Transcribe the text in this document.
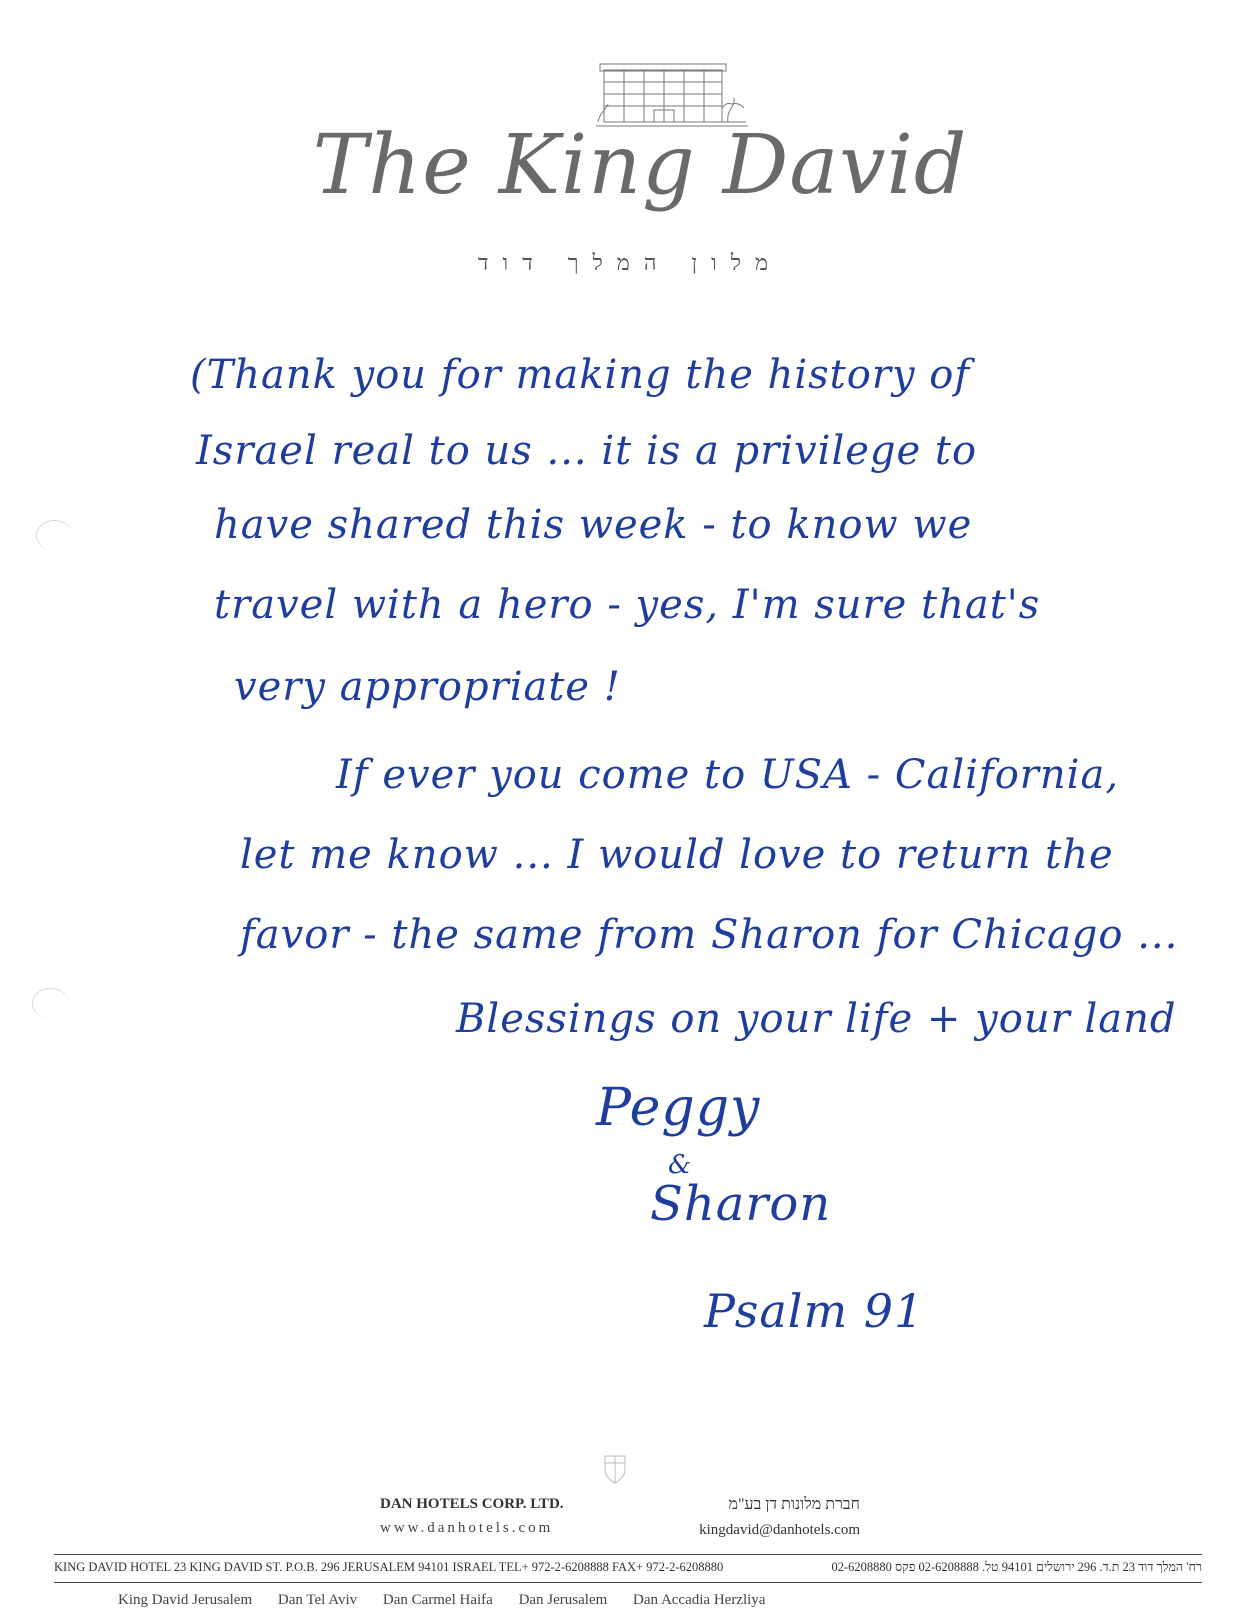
The King David
מלון המלך דוד
(Thank you for making the history of
Israel real to us ... it is a privilege to
have shared this week - to know we
travel with a hero - yes, I'm sure that's
very appropriate !
If ever you come to USA - California,
let me know ... I would love to return the
favor - the same from Sharon for Chicago ...
Blessings on your life + your land
Peggy
&
Sharon
Psalm 91
DAN HOTELS CORP. LTD.
www.danhotels.com
חברת מלונות דן בע"מ
kingdavid@danhotels.com
KING DAVID HOTEL 23 KING DAVID ST. P.O.B. 296 JERUSALEM 94101 ISRAEL TEL+ 972-2-6208888 FAX+ 972-2-6208880	רח' המלך דוד 23 ת.ד. 296 ירושלים 94101 טל. 02-6208888 פקס 02-6208880
King David Jerusalem Dan Tel Aviv Dan Carmel Haifa Dan Jerusalem Dan Accadia Herzliya
